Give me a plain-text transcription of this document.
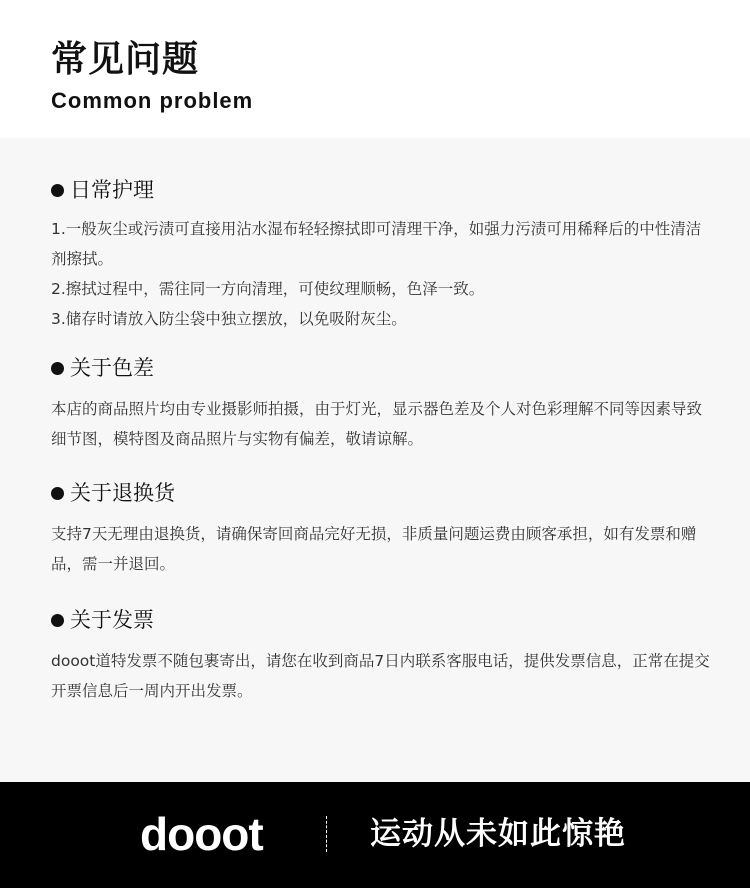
常见问题
Common problem
日常护理
1.一般灰尘或污渍可直接用沾水湿布轻轻擦拭即可清理干净，如强力污渍可用稀释后的中性清洁剂擦拭。
2.擦拭过程中，需往同一方向清理，可使纹理顺畅，色泽一致。
3.储存时请放入防尘袋中独立摆放，以免吸附灰尘。
关于色差
本店的商品照片均由专业摄影师拍摄，由于灯光，显示器色差及个人对色彩理解不同等因素导致细节图，模特图及商品照片与实物有偏差，敬请谅解。
关于退换货
支持7天无理由退换货，请确保寄回商品完好无损，非质量问题运费由顾客承担，如有发票和赠品，需一并退回。
关于发票
dooot道特发票不随包裹寄出，请您在收到商品7日内联系客服电话，提供发票信息，正常在提交开票信息后一周内开出发票。
dooot	运动从未如此惊艳
